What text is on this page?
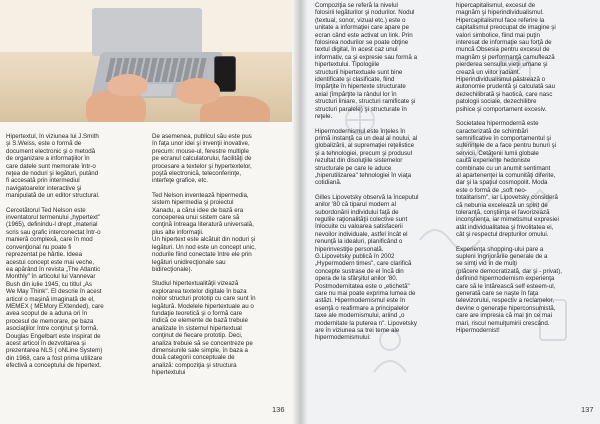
Hipertextul, în viziunea lui J.Smith
şi S.Weiss, este o formă de
document electronic şi o metodă
de organizare a informaţiilor în
care datele sunt memorate într-o
reţea de noduri şi legături, putând
fi accesată prin intermediul
navigatoarelor interactive şi
manipulată de un editor structural.

Cercetătorul Ted Nelson este
inventatorul termenului „hypertext"
(1965), definindu-l drept „material
scris sau grafic interconectat într-o
manieră complexă, care în mod
convenţional nu poate fi
reprezentat pe hârtie. Ideea
acestui concept este mai veche,
ea apărând în revista „The Atlantic
Monthly" în articolul lui Vannevar
Bush din iulie 1945, cu titlul „As
We May Think". El descrie în acest
articol o maşină imaginată de el,
MEMEX ( MEMory EXtended), care
avea scopul de a aduna ori în
procesul de memorare, pe baza
asociaţiilor între conţinut şi formă.
Douglas Engelbart este inspirat de
acest articol în dezvoltarea şi
prezentarea NLS ( oNLine System)
din 1968, care a fost prima utilizare
efectivă a conceptului de hipertext.

De asemenea, publicul său este pus
în faţa unor idei şi invenţii inovative,
precum: mouse-ul, ferestre multiple
pe ecranul calculatorului, facilităţi de
procesare a textelor şi hypertextelor,
poştă electronică, teleconferinţe,
interfeţe grafice, etc.

Ted Nelson inventează hipermedia,
sistem hipermedia şi proiectul
Xanadu, a cărui idee de bază era
conceperea unui sistem care să
conţină întreaga literatură universală,
plus alte informaţii.
Un hipertext este alcătuit din noduri şi
legături. Un nod este un concept unic,
nodurile fiind conectate între ele prin
legături unidirecţionale sau
bidirecţionale).

Studiul hipertextualităţii vizează
explorarea textelor digitale în baza
noilor structuri prototip cu care sunt în
legătură. Modelele hipertextuale au o
fundaţie teoretică şi o formă care
indică ce elemente de bază trebuie
analizate în sistemul hipertextual
conţinut de fiecare prototip. Deci,
analiza trebuie să se concentreze pe
dimensiunile sale simple, în baza a
două categorii conceptuale de
analiză: compoziţia şi structura
hipertextului

136

Compoziţia se referă la nivelul
folosirii legăturilor şi nodurilor. Nodul
(textual, sonor, vizual etc.) este o
unitate a informaţiei care apare pe
ecran când este activat un link. Prin
folosirea nodurilor se poate obţine
textul digital, în acest caz unul
informativ, ca şi expresie sau formă a
hipertextului. Tipologiile
structurii hipertextuale sunt bine
identificate şi clasificate, fiind
împărţite în hipertexte structurate
axial (împărţite la rândul lor în
structuri liniare, structuri ramificate şi
structuri paralele) şi structurate în
reţele.

Hipermodernismul este înţeles în
primă instanţă ca un deal al noului, al
globalizării, al supremaţiei reţelistice
şi a tehnologiei, precum şi produsul
rezultat din disoluţiile sistemelor
structurale pe care le aduce
„hiperutilizarea" tehnologiei în viaţa
cotidiană.

Gilles Lipovetsky observă la începutul
anilor '80 că tiparul modern al
subordonării individului faţă de
regulile raţionalităţii colective sunt
înlocuite cu valoarea satisfacerii
nevoilor individuale, astfel încât el
renunţă la idealuri, planificând o
hiperinvestiţie personală.
G.Lipovetsky publică în 2002
„Hypermodern times", care clarifică
concepte sustrase de el încă din
opera de la sfârşitul anilor '80.
Postmodernitatea este o „etichetă"
care nu mai poate exprima lumea de
astăzi. Hipermodernismul este în
esenţă o reafirmare a principalelor
taxe ale modernismului, ariind „o
modernitate la puterea n". Lipovetsky
are în viziunea sa trei teme ale
hipermodernismului:

hipercapitalismul, excesul de
magnăm şi hiperindividualismul.
Hipercapitalismul face referire la
capitalismul preocupat de imagine şi
valori simbolice, fiind mai puţin
interesat de informaţie sau forţă de
muncă Obsesia pentru excesul de
magnăm şi performanţă camuflează
pierderea sensului vieţii umane şi
crează un viitor radiant.
Hiperindividualismul păstrează o
autonomie prudentă şi calculată sau
dezechilibrată şi haotică, care nasc
patologii sociale, dezechilibre
psihice şi comportament excesiv.

Societatea hipermodernă este
caracterizată de schimbări
semnificative în comportamentul şi
suferinţele de a face pentru bunuri şi
servicii. Cetăţenii lumii globale
caută experienţe hedoniste
combinate cu un anumit sentimant
al apartenenţei la comunităţi diferite,
dar şi la spaţiul cosmopolit. Moda
este o formă de „soft neo-
totalitarism", iar Lipovetsky consideră
că nebunia excelează un spirit de
toleranţă, conştiinţa ei favorizează
inconştienţa, iar mimetismul expresiei
atât individualitatea şi frivolitatea ei,
cât şi respectul drepturilor omului.

Experienţa shopping-ului pare a
supleni îngrijorările generale de a
se simţi vid în de mulţi
(plăcere democratizată, dar şi - privat),
definind hipermodernism experienţa
care să le întărească self esteem-ul,
generată care se naşte în faţa
televizorului, respectiv a reclamelor,
devine o generaţie hiperconsumistă,
care are impresia că mai ţin ce mai
mari, riscul nemulţumirii crescând.
Hipermodernist!

137
